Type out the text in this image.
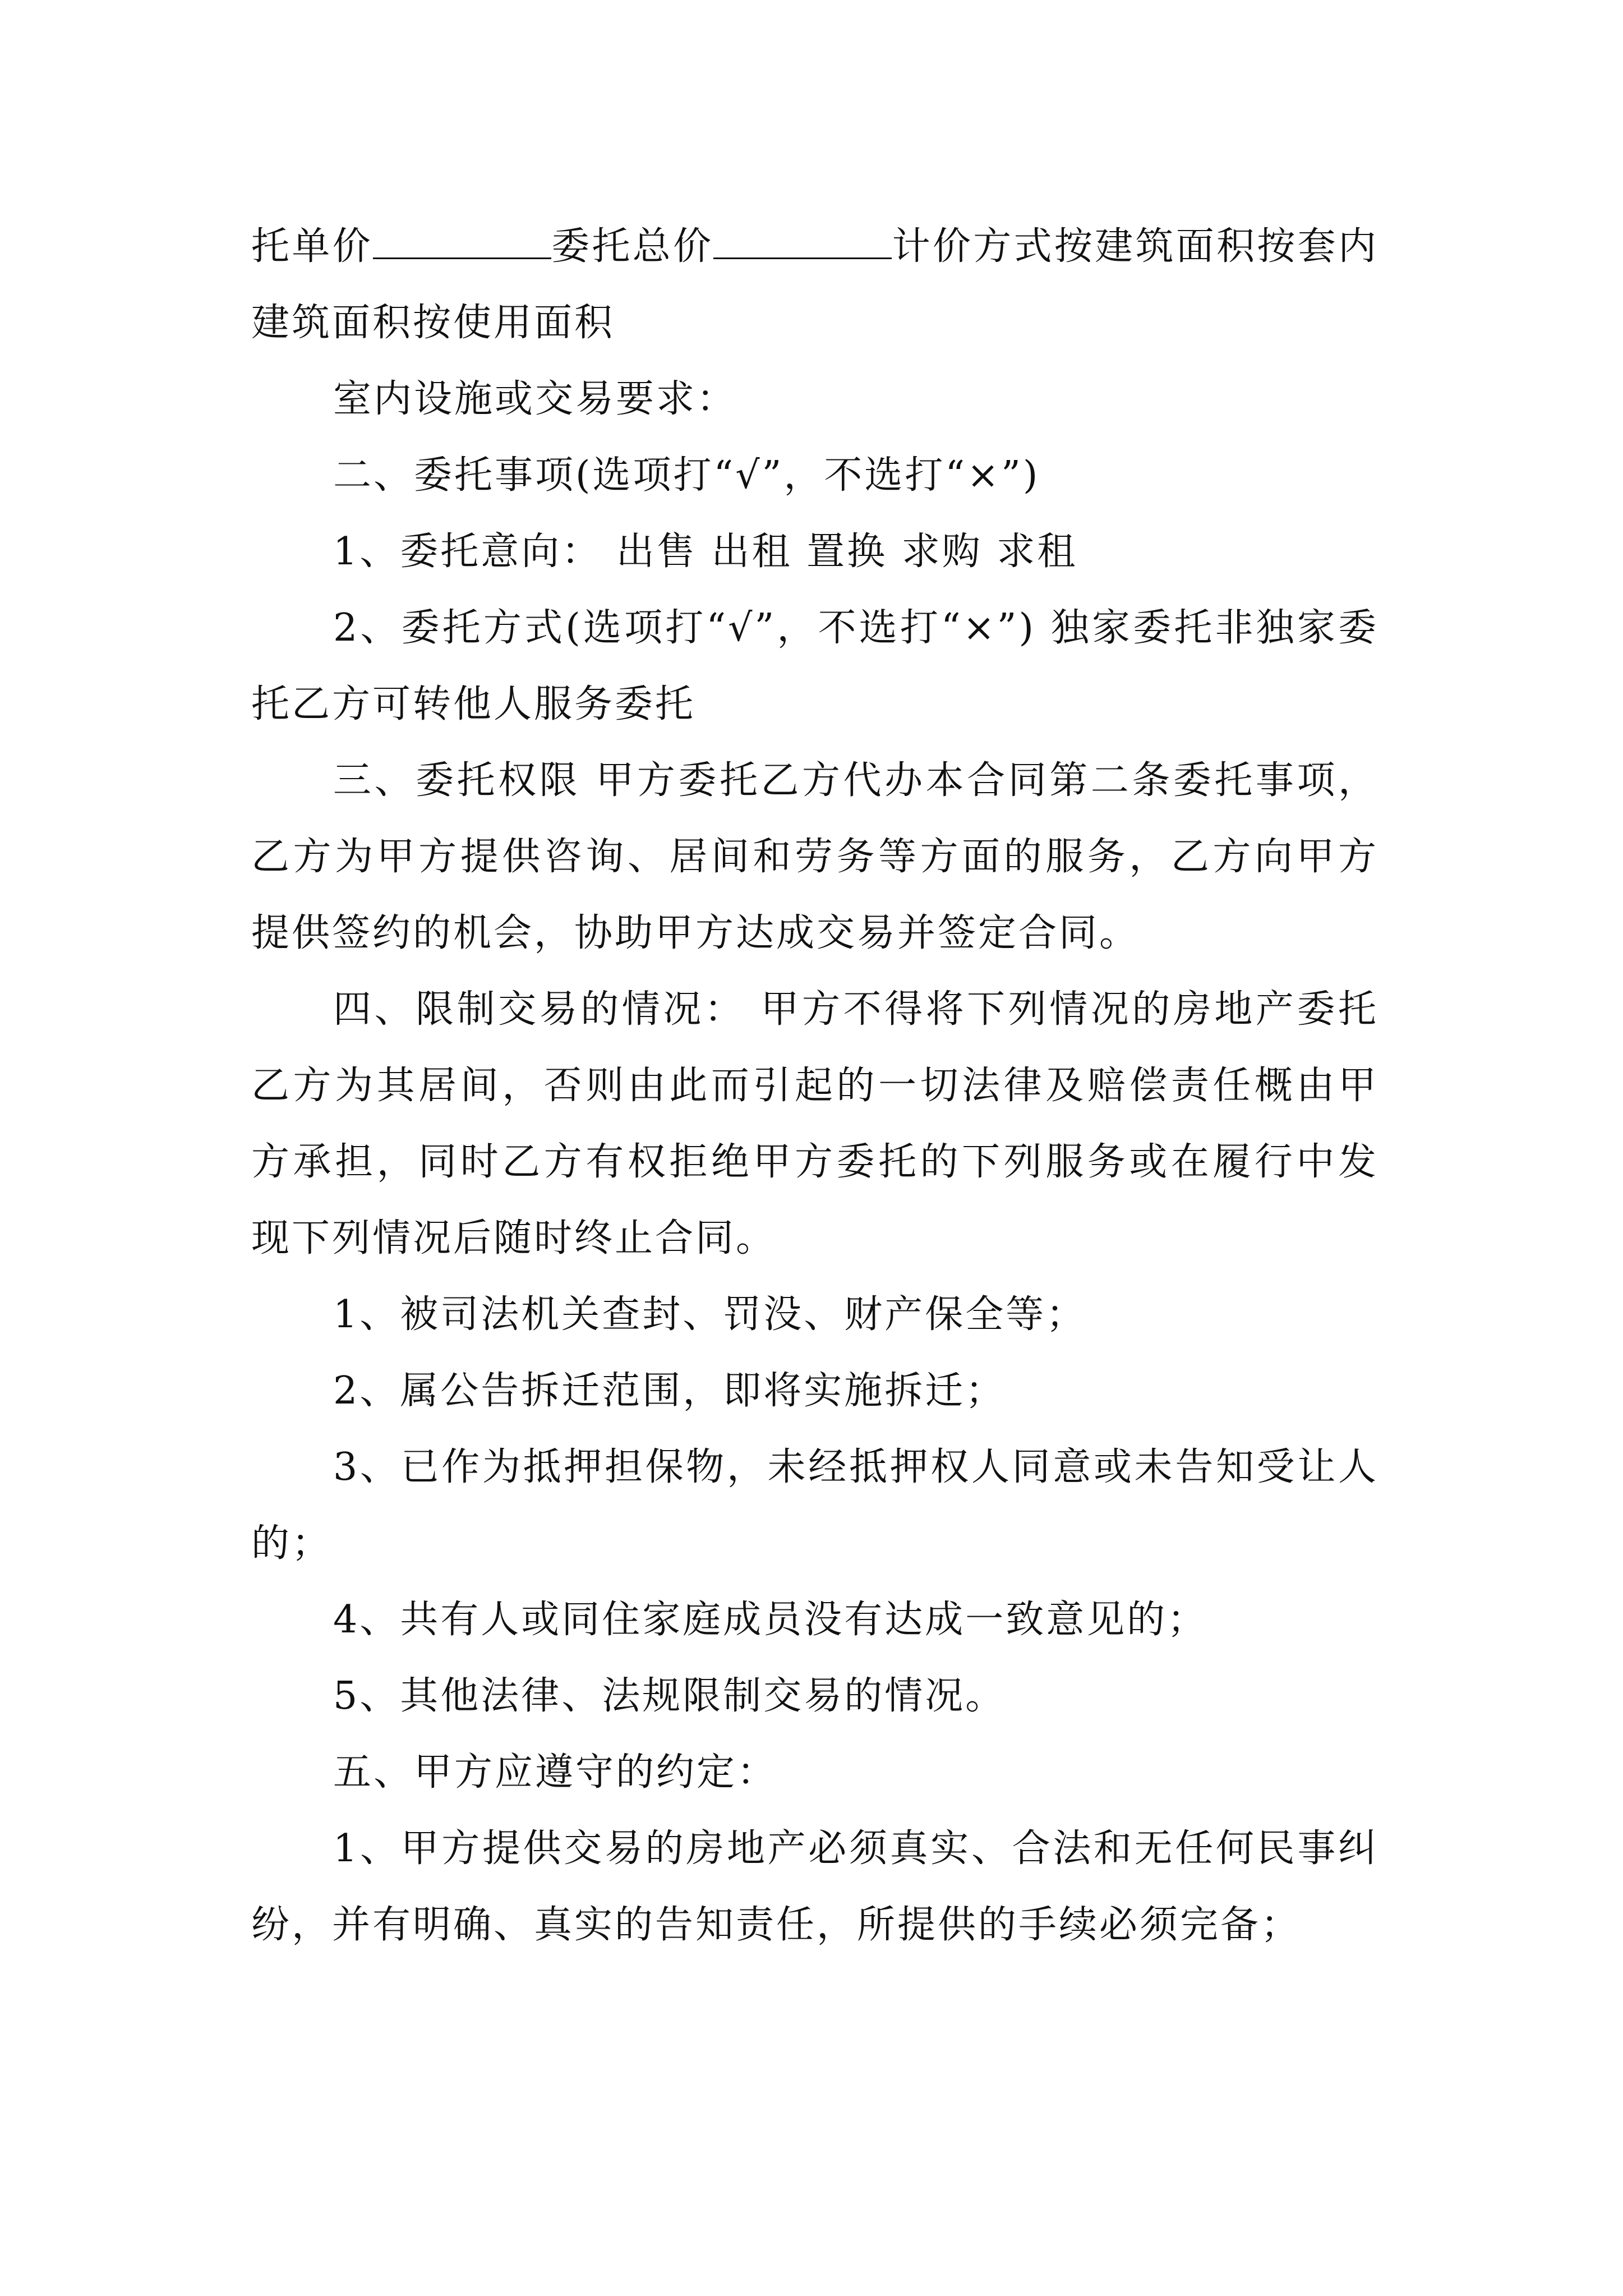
托单价	委托总价	计价方式按建筑面积按套内建筑面积按使用面积

室内设施或交易要求：

二、委托事项(选项打“√”，不选打“×”)

1、委托意向： 出售 出租 置换 求购 求租

2、委托方式(选项打“√”，不选打“×”) 独家委托非独家委托乙方可转他人服务委托

三、委托权限 甲方委托乙方代办本合同第二条委托事项，乙方为甲方提供咨询、居间和劳务等方面的服务，乙方向甲方提供签约的机会，协助甲方达成交易并签定合同。

四、限制交易的情况： 甲方不得将下列情况的房地产委托乙方为其居间，否则由此而引起的一切法律及赔偿责任概由甲方承担，同时乙方有权拒绝甲方委托的下列服务或在履行中发现下列情况后随时终止合同。

1、被司法机关查封、罚没、财产保全等；

2、属公告拆迁范围，即将实施拆迁；

3、已作为抵押担保物，未经抵押权人同意或未告知受让人的；

4、共有人或同住家庭成员没有达成一致意见的；

5、其他法律、法规限制交易的情况。

五、甲方应遵守的约定：

1、甲方提供交易的房地产必须真实、合法和无任何民事纠纷，并有明确、真实的告知责任，所提供的手续必须完备；
